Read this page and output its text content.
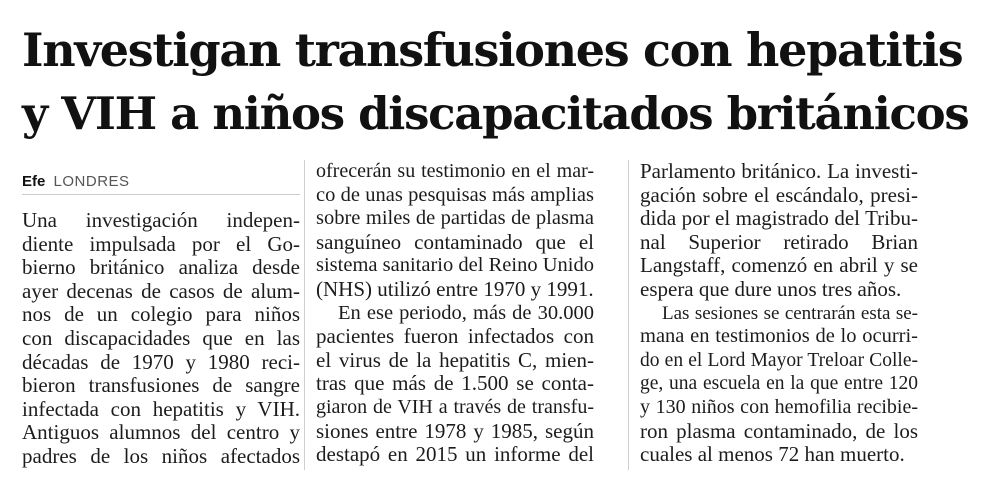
Investigan transfusiones con hepatitis
y VIH a niños discapacitados británicos
Efe LONDRES
Una investigación indepen-
diente impulsada por el Go-
bierno británico analiza desde
ayer decenas de casos de alum-
nos de un colegio para niños
con discapacidades que en las
décadas de 1970 y 1980 reci-
bieron transfusiones de sangre
infectada con hepatitis y VIH.
Antiguos alumnos del centro y
padres de los niños afectados
ofrecerán su testimonio en el mar-
co de unas pesquisas más amplias
sobre miles de partidas de plasma
sanguíneo contaminado que el
sistema sanitario del Reino Unido
(NHS) utilizó entre 1970 y 1991.
En ese periodo, más de 30.000
pacientes fueron infectados con
el virus de la hepatitis C, mien-
tras que más de 1.500 se conta-
giaron de VIH a través de transfu-
siones entre 1978 y 1985, según
destapó en 2015 un informe del
Parlamento británico. La investi-
gación sobre el escándalo, presi-
dida por el magistrado del Tribu-
nal Superior retirado Brian
Langstaff, comenzó en abril y se
espera que dure unos tres años.
Las sesiones se centrarán esta se-
mana en testimonios de lo ocurri-
do en el Lord Mayor Treloar Colle-
ge, una escuela en la que entre 120
y 130 niños con hemofilia recibie-
ron plasma contaminado, de los
cuales al menos 72 han muerto.
